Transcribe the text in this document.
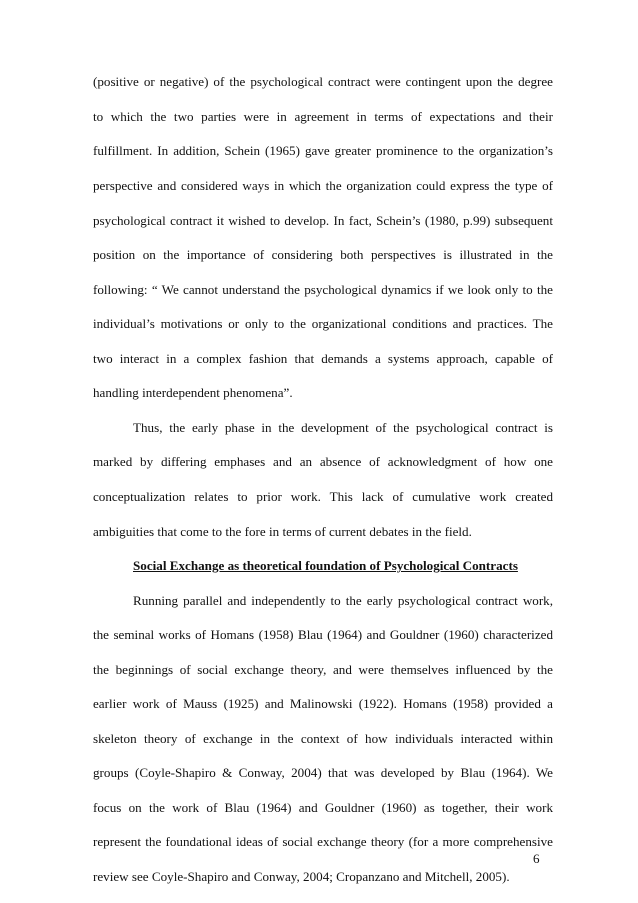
(positive or negative) of the psychological contract were contingent upon the degree
to which the two parties were in agreement in terms of expectations and their
fulfillment. In addition, Schein (1965) gave greater prominence to the organization’s
perspective and considered ways in which the organization could express the type of
psychological contract it wished to develop. In fact, Schein’s (1980, p.99) subsequent
position on the importance of considering both perspectives is illustrated in the
following: “ We cannot understand the psychological dynamics if we look only to the
individual’s motivations or only to the organizational conditions and practices. The
two interact in a complex fashion that demands a systems approach, capable of
handling interdependent phenomena”.
Thus, the early phase in the development of the psychological contract is
marked by differing emphases and an absence of acknowledgment of how one
conceptualization relates to prior work. This lack of cumulative work created
ambiguities that come to the fore in terms of current debates in the field.
Social Exchange as theoretical foundation of Psychological Contracts
Running parallel and independently to the early psychological contract work,
the seminal works of Homans (1958) Blau (1964) and Gouldner (1960) characterized
the beginnings of social exchange theory, and were themselves influenced by the
earlier work of Mauss (1925) and Malinowski (1922). Homans (1958) provided a
skeleton theory of exchange in the context of how individuals interacted within
groups (Coyle-Shapiro & Conway, 2004) that was developed by Blau (1964). We
focus on the work of Blau (1964) and Gouldner (1960) as together, their work
represent the foundational ideas of social exchange theory (for a more comprehensive
review see Coyle-Shapiro and Conway, 2004; Cropanzano and Mitchell, 2005).
6
